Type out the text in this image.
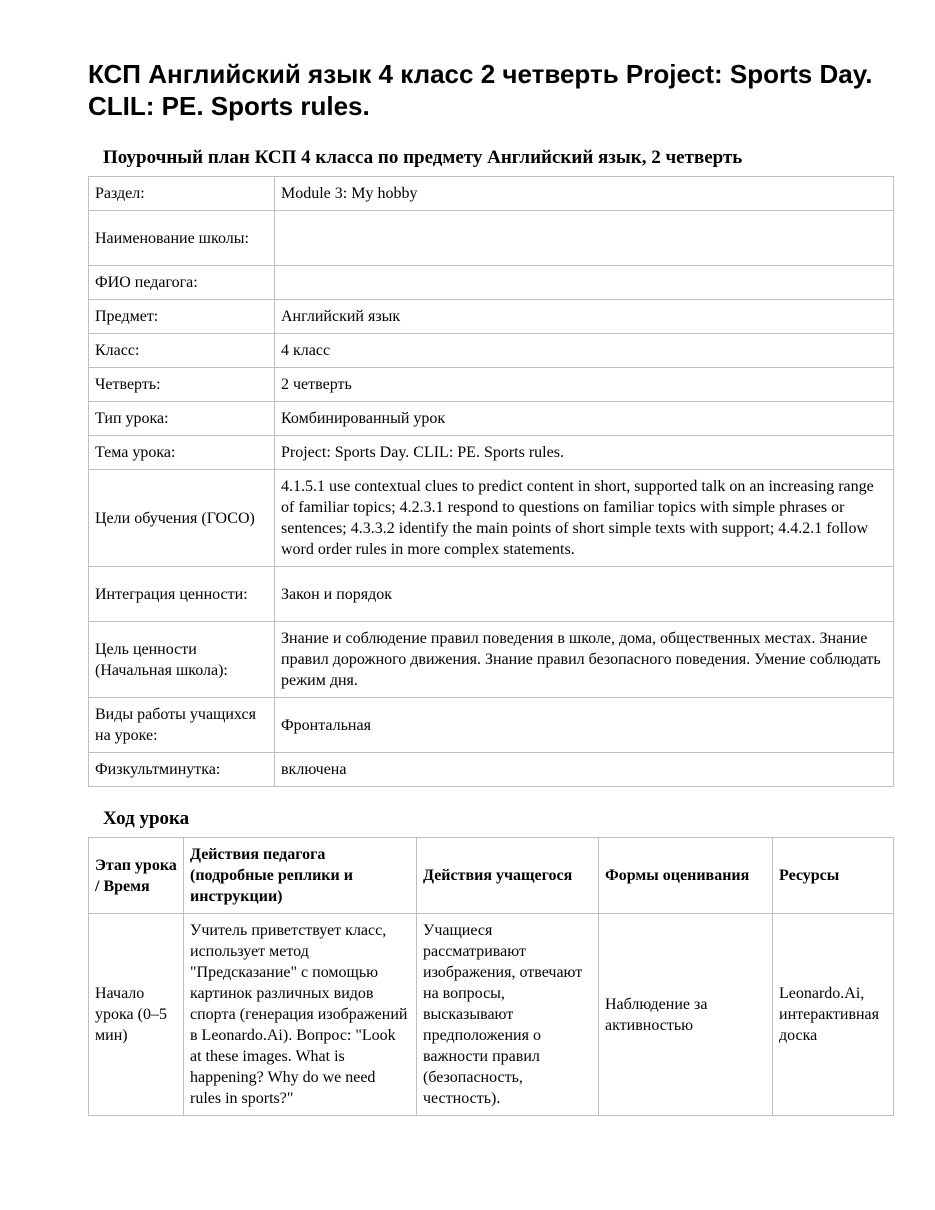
КСП Английский язык 4 класс 2 четверть Project: Sports Day. CLIL: PE. Sports rules.
Поурочный план КСП 4 класса по предмету Английский язык, 2 четверть
Раздел:	Module 3: My hobby
Наименование школы:	
ФИО педагога:	
Предмет:	Английский язык
Класс:	4 класс
Четверть:	2 четверть
Тип урока:	Комбинированный урок
Тема урока:	Project: Sports Day. CLIL: PE. Sports rules.
Цели обучения (ГОСО)	4.1.5.1 use contextual clues to predict content in short, supported talk on an increasing range of familiar topics; 4.2.3.1 respond to questions on familiar topics with simple phrases or sentences; 4.3.3.2 identify the main points of short simple texts with support; 4.4.2.1 follow word order rules in more complex statements.
Интеграция ценности:	Закон и порядок
Цель ценности (Начальная школа):	Знание и соблюдение правил поведения в школе, дома, общественных местах. Знание правил дорожного движения. Знание правил безопасного поведения. Умение соблюдать режим дня.
Виды работы учащихся на уроке:	Фронтальная
Физкультминутка:	включена
Ход урока
Этап урока / Время	Действия педагога (подробные реплики и инструкции)	Действия учащегося	Формы оценивания	Ресурсы
Начало урока (0–5 мин)	Учитель приветствует класс, использует метод "Предсказание" с помощью картинок различных видов спорта (генерация изображений в Leonardo.Ai). Вопрос: "Look at these images. What is happening? Why do we need rules in sports?"	Учащиеся рассматривают изображения, отвечают на вопросы, высказывают предположения о важности правил (безопасность, честность).	Наблюдение за активностью	Leonardo.Ai, интерактивная доска
